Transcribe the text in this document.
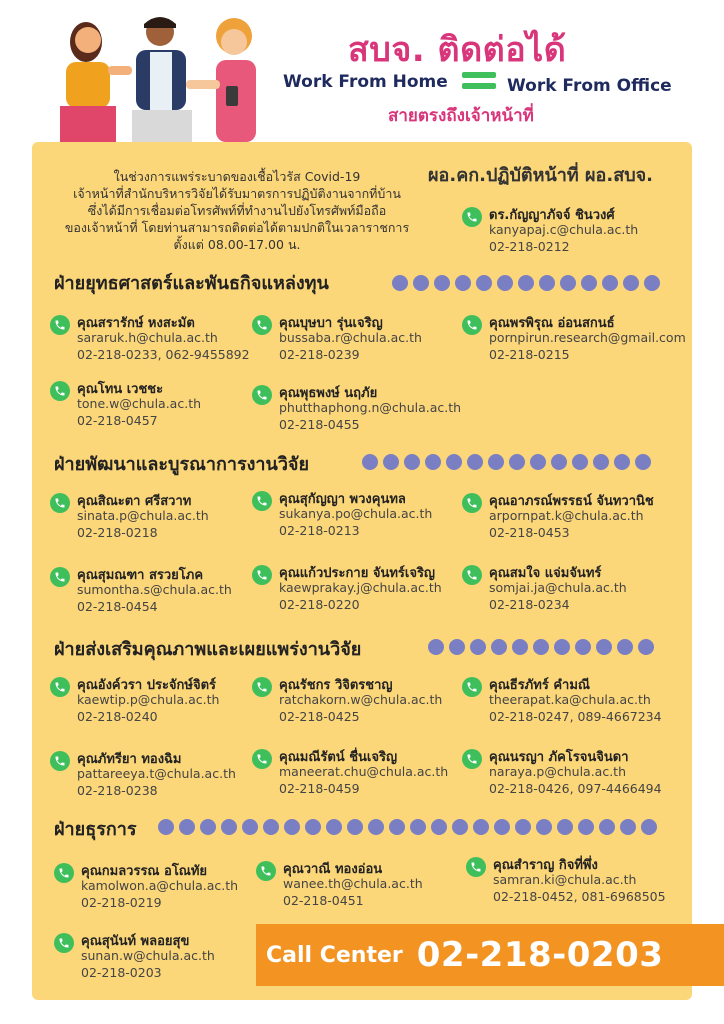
สบจ. ติดต่อได้
Work From Home	Work From Office
สายตรงถึงเจ้าหน้าที่
ในช่วงการแพร่ระบาดของเชื้อไวรัส Covid-19
เจ้าหน้าที่สำนักบริหารวิจัยได้รับมาตรการปฏิบัติงานจากที่บ้าน
ซึ่งได้มีการเชื่อมต่อโทรศัพท์ที่ทำงานไปยังโทรศัพท์มือถือ
ของเจ้าหน้าที่ โดยท่านสามารถติดต่อได้ตามปกติในเวลาราชการ
ตั้งแต่ 08.00-17.00 น.
ผอ.คก.ปฏิบัติหน้าที่ ผอ.สบจ.
ดร.กัญญาภัจจ์ ชินวงศ์
kanyapaj.c@chula.ac.th
02-218-0212
ฝ่ายยุทธศาสตร์และพันธกิจแหล่งทุน
คุณสรารักษ์ หงสะมัต
sararuk.h@chula.ac.th
02-218-0233, 062-9455892
คุณบุษบา รุ่นเจริญ
bussaba.r@chula.ac.th
02-218-0239
คุณพรพิรุณ อ่อนสกนธ์
pornpirun.research@gmail.com
02-218-0215
คุณโทน เวชชะ
tone.w@chula.ac.th
02-218-0457
คุณพุธพงษ์ นฤภัย
phutthaphong.n@chula.ac.th
02-218-0455
ฝ่ายพัฒนาและบูรณาการงานวิจัย
คุณสิณะตา ศรีสวาท
sinata.p@chula.ac.th
02-218-0218
คุณสุกัญญา พวงคุนทล
sukanya.po@chula.ac.th
02-218-0213
คุณอาภรณ์พรรธน์ จันทวานิช
arpornpat.k@chula.ac.th
02-218-0453
คุณสุมณฑา สรวยโภค
sumontha.s@chula.ac.th
02-218-0454
คุณแก้วประกาย จันทร์เจริญ
kaewprakay.j@chula.ac.th
02-218-0220
คุณสมใจ แจ่มจันทร์
somjai.ja@chula.ac.th
02-218-0234
ฝ่ายส่งเสริมคุณภาพและเผยแพร่งานวิจัย
คุณอังค์วรา ประจักษ์จิตร์
kaewtip.p@chula.ac.th
02-218-0240
คุณรัชกร วิจิตรชาญ
ratchakorn.w@chula.ac.th
02-218-0425
คุณธีรภัทร์ คำมณี
theerapat.ka@chula.ac.th
02-218-0247, 089-4667234
คุณภัทรียา ทองฉิม
pattareeya.t@chula.ac.th
02-218-0238
คุณมณีรัตน์ ชื่นเจริญ
maneerat.chu@chula.ac.th
02-218-0459
คุณนรญา ภัคโรจนจินดา
naraya.p@chula.ac.th
02-218-0426, 097-4466494
ฝ่ายธุรการ
คุณกมลวรรณ อโณทัย
kamolwon.a@chula.ac.th
02-218-0219
คุณวาณี ทองอ่อน
wanee.th@chula.ac.th
02-218-0451
คุณสำราญ กิจที่พึ่ง
samran.ki@chula.ac.th
02-218-0452, 081-6968505
คุณสุนันท์ พลอยสุข
sunan.w@chula.ac.th
02-218-0203
Call Center 02-218-0203
